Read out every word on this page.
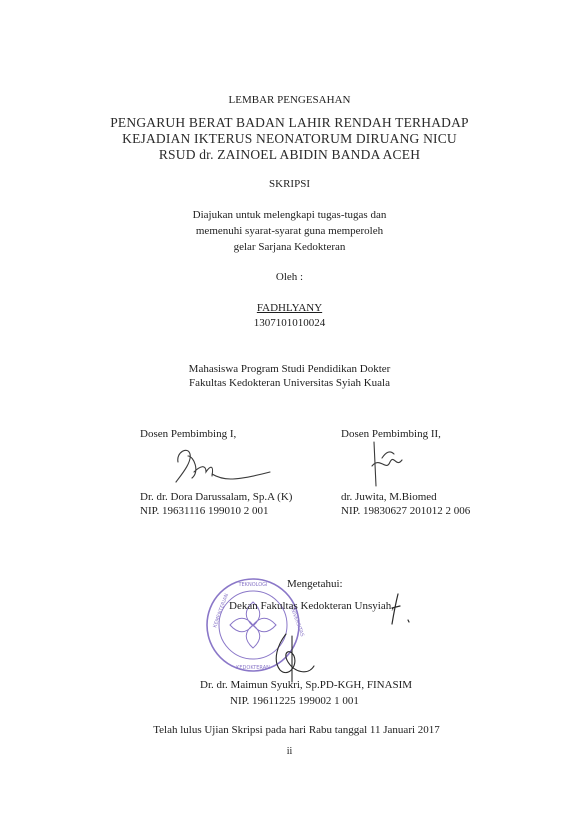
LEMBAR PENGESAHAN
PENGARUH BERAT BADAN LAHIR RENDAH TERHADAP
KEJADIAN IKTERUS NEONATORUM DIRUANG NICU
RSUD dr. ZAINOEL ABIDIN BANDA ACEH
SKRIPSI
Diajukan untuk melengkapi tugas-tugas dan
memenuhi syarat-syarat guna memperoleh
gelar Sarjana Kedokteran
Oleh :
FADHLYANY
1307101010024
Mahasiswa Program Studi Pendidikan Dokter
Fakultas Kedokteran Universitas Syiah Kuala
Dosen Pembimbing I,
Dr. dr. Dora Darussalam, Sp.A (K)
NIP. 19631116 199010 2 001
Dosen Pembimbing II,
dr. Juwita, M.Biomed
NIP. 19830627 201012 2 006
TEKNOLOGI
KEDOKTERAN
KEMENTERIAN	UNIVERSITAS
Mengetahui:
Dekan Fakultas Kedokteran Unsyiah,
Dr. dr. Maimun Syukri, Sp.PD-KGH, FINASIM
NIP. 19611225 199002 1 001
Telah lulus Ujian Skripsi pada hari Rabu tanggal 11 Januari 2017
ii
